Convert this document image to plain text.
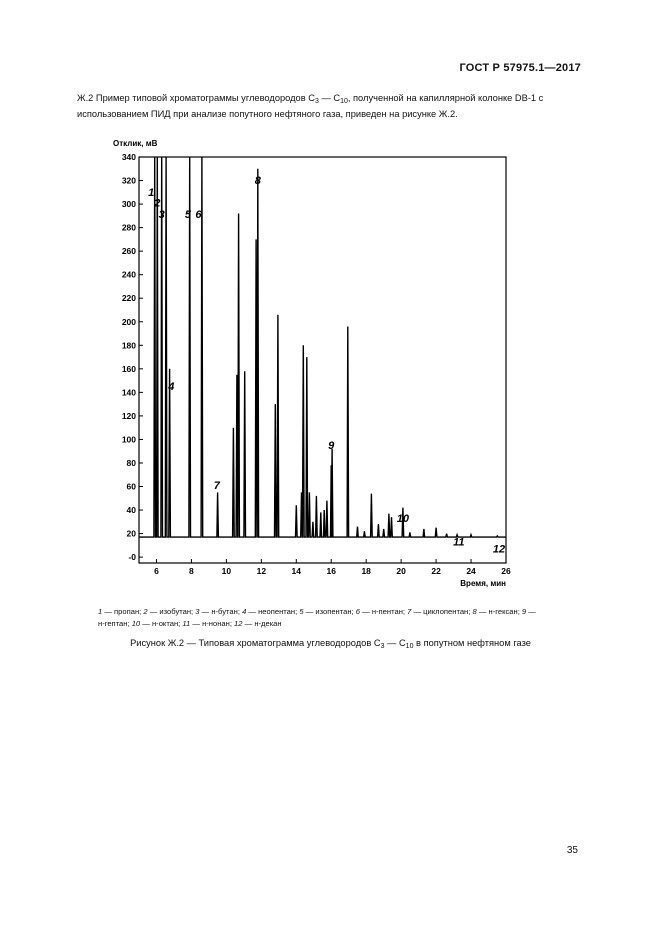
ГОСТ Р 57975.1—2017
Ж.2 Пример типовой хроматограммы углеводородов $С_3$ — $С_{10}$, полученной на капиллярной колонке DB-1 с использованием ПИД при анализе попутного нефтяного газа, приведен на рисунке Ж.2.
-0
20
40
60
80
100
120
140
160
180
200
220
240
260
280
300
320
340
6	8	10	12	14	16	18	20	22	24	26
Отклик, мВ
Время, мин
1
2
3
4
5 6
7
8
9
10
11
12
1 — пропан; 2 — изобутан; 3 — н-бутан; 4 — неопентан; 5 — изопентан; 6 — н-пентан; 7 — циклопентан; 8 — н-гексан; 9 — н-гептан; 10 — н-октан; 11 — н-нонан; 12 — н-декан
Рисунок Ж.2 — Типовая хроматограмма углеводородов $С_3$ — $С_{10}$ в попутном нефтяном газе
35
